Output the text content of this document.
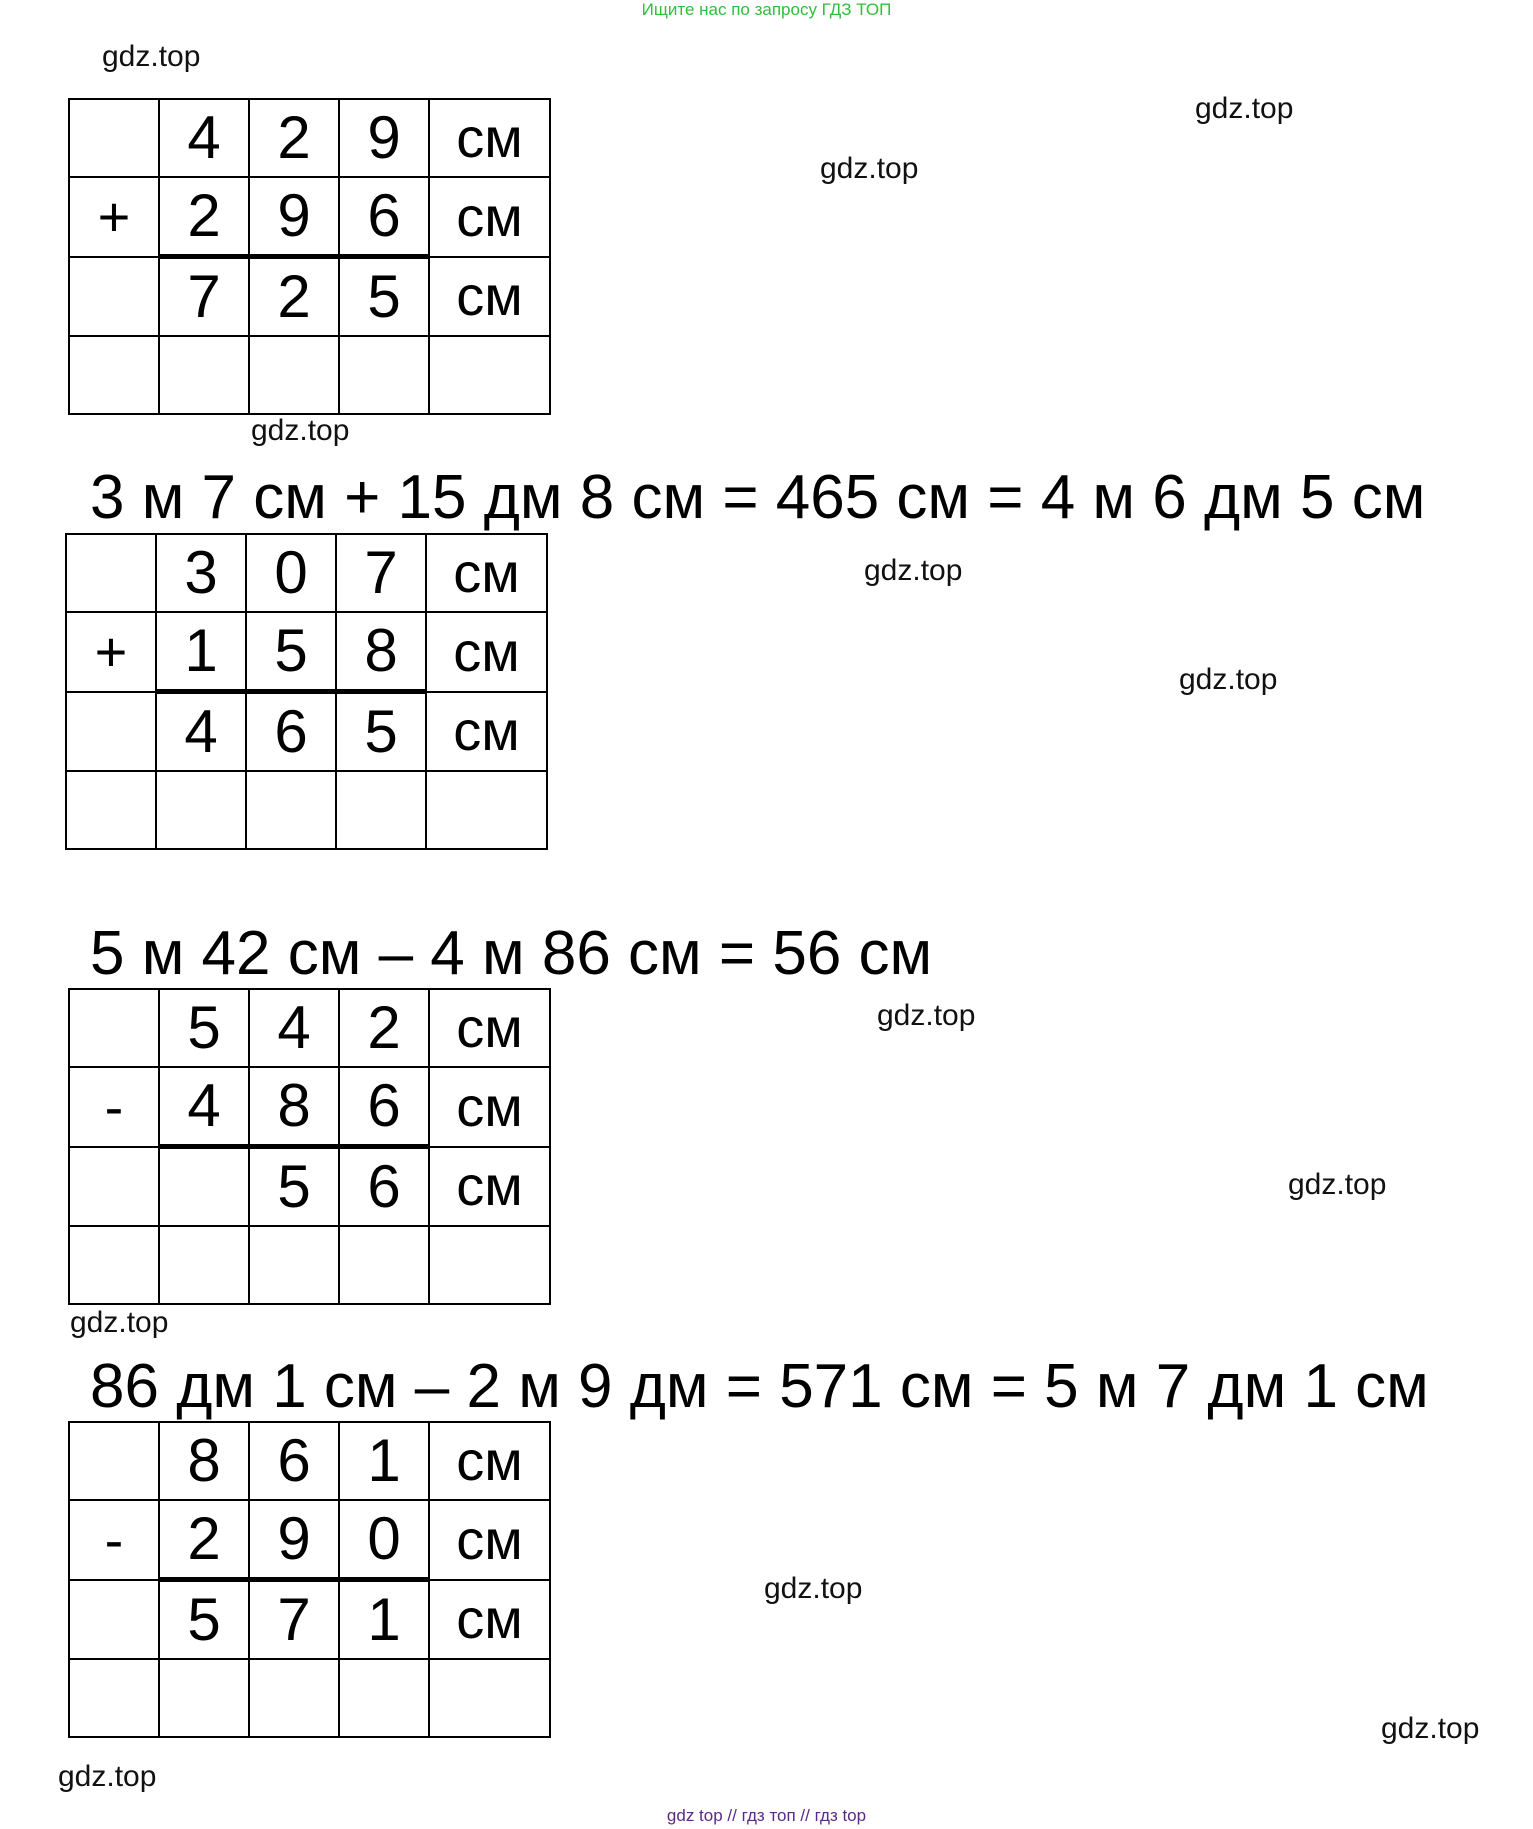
Ищите нас по запросу ГДЗ ТОП
gdz.top
gdz.top
gdz.top
gdz.top
gdz.top
gdz.top
gdz.top
gdz.top
gdz.top
gdz.top
gdz.top
gdz.top
	4	2	9	см
+	2	9	6	см
	7	2	5	см

3 м 7 см + 15 дм 8 см = 465 см = 4 м 6 дм 5 см
	3	0	7	см
+	1	5	8	см
	4	6	5	см

5 м 42 см – 4 м 86 см = 56 см
	5	4	2	см
-	4	8	6	см
		5	6	см

86 дм 1 см – 2 м 9 дм = 571 см = 5 м 7 дм 1 см
	8	6	1	см
-	2	9	0	см
	5	7	1	см

gdz top // гдз топ // гдз top
